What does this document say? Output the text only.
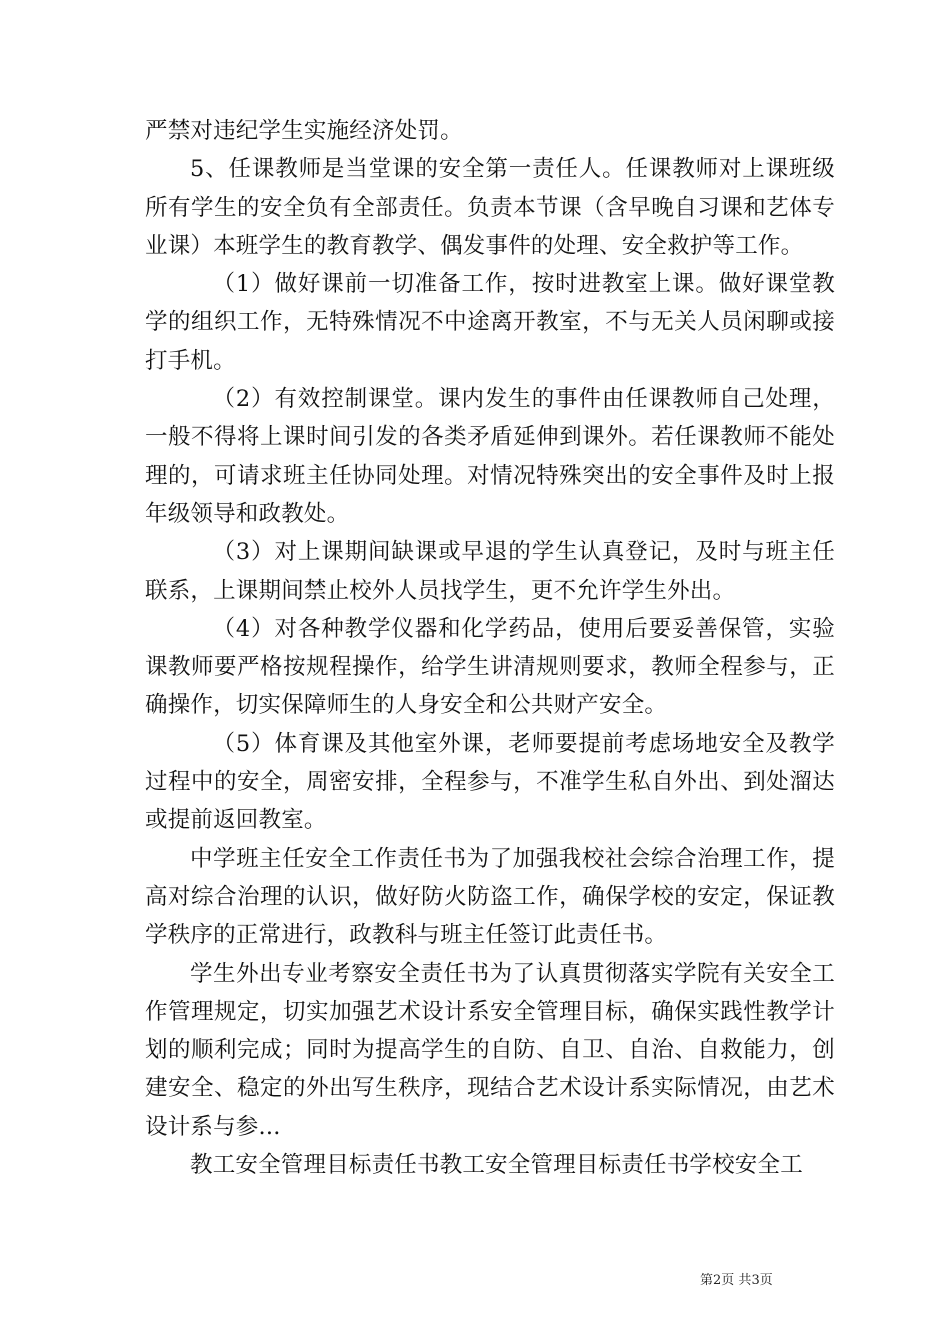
严禁对违纪学生实施经济处罚。

5、任课教师是当堂课的安全第一责任人。任课教师对上课班级所有学生的安全负有全部责任。负责本节课（含早晚自习课和艺体专业课）本班学生的教育教学、偶发事件的处理、安全救护等工作。

（1）做好课前一切准备工作，按时进教室上课。做好课堂教学的组织工作，无特殊情况不中途离开教室，不与无关人员闲聊或接打手机。

（2）有效控制课堂。课内发生的事件由任课教师自己处理，一般不得将上课时间引发的各类矛盾延伸到课外。若任课教师不能处理的，可请求班主任协同处理。对情况特殊突出的安全事件及时上报年级领导和政教处。

（3）对上课期间缺课或早退的学生认真登记，及时与班主任联系，上课期间禁止校外人员找学生，更不允许学生外出。

（4）对各种教学仪器和化学药品，使用后要妥善保管，实验课教师要严格按规程操作，给学生讲清规则要求，教师全程参与，正确操作，切实保障师生的人身安全和公共财产安全。

（5）体育课及其他室外课，老师要提前考虑场地安全及教学过程中的安全，周密安排，全程参与，不准学生私自外出、到处溜达或提前返回教室。

中学班主任安全工作责任书为了加强我校社会综合治理工作，提高对综合治理的认识，做好防火防盗工作，确保学校的安定，保证教学秩序的正常进行，政教科与班主任签订此责任书。

学生外出专业考察安全责任书为了认真贯彻落实学院有关安全工作管理规定，切实加强艺术设计系安全管理目标，确保实践性教学计划的顺利完成；同时为提高学生的自防、自卫、自治、自救能力，创建安全、稳定的外出写生秩序，现结合艺术设计系实际情况，由艺术设计系与参...

教工安全管理目标责任书教工安全管理目标责任书学校安全工

第2页 共3页
